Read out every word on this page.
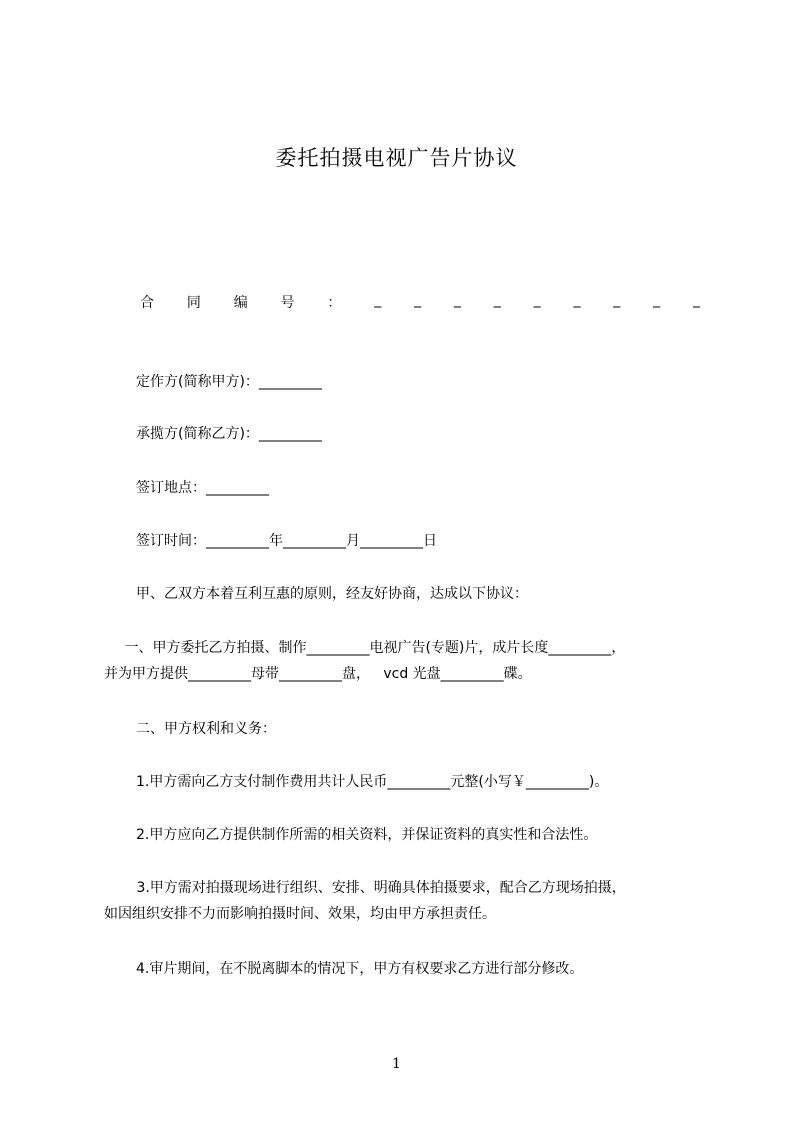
委托拍摄电视广告片协议
合 同 编 号 ： _ _ _ _ _ _ _ _ _
定作方(简称甲方)：_________
承揽方(简称乙方)：_________
签订地点：_________
签订时间：_________年_________月_________日
甲、乙双方本着互利互惠的原则，经友好协商，达成以下协议：
一、甲方委托乙方拍摄、制作_________电视广告(专题)片，成片长度_________，
并为甲方提供_________母带_________盘，   vcd 光盘_________碟。
二、甲方权利和义务：
1.甲方需向乙方支付制作费用共计人民币_________元整(小写￥_________)。
2.甲方应向乙方提供制作所需的相关资料，并保证资料的真实性和合法性。
3.甲方需对拍摄现场进行组织、安排、明确具体拍摄要求，配合乙方现场拍摄，
如因组织安排不力而影响拍摄时间、效果，均由甲方承担责任。
4.审片期间，在不脱离脚本的情况下，甲方有权要求乙方进行部分修改。
1
